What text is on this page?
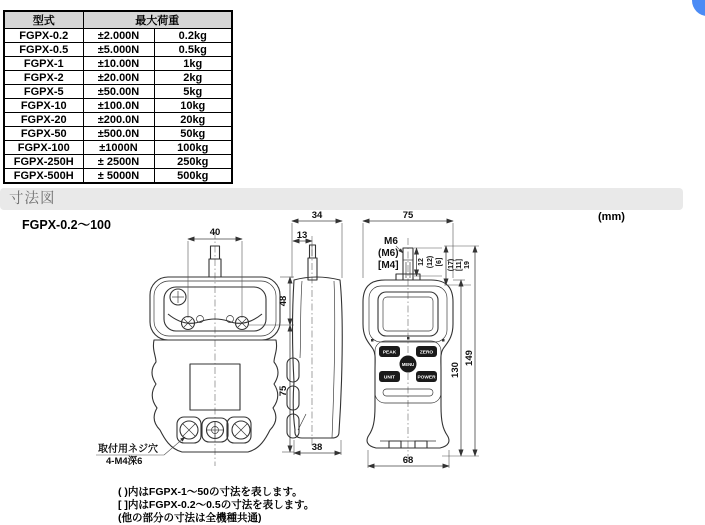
型式	最大荷重	
FGPX-0.2	±2.000N	0.2kg
FGPX-0.5	±5.000N	0.5kg
FGPX-1	±10.00N	1kg
FGPX-2	±20.00N	2kg
FGPX-5	±50.00N	5kg
FGPX-10	±100.0N	10kg
FGPX-20	±200.0N	20kg
FGPX-50	±500.0N	50kg
FGPX-100	±1000N	100kg
FGPX-250H	± 2500N	250kg
FGPX-500H	± 5000N	500kg
寸法図
FGPX-0.2～100
(mm)
40
48
75
34
13
38
PEAK	ZERO
MENU
UNIT	POWER
M6
(M6)
[M4]
75
12 (12) [6] (17) [11] 19
130
149
68
取付用ネジ穴
4-M4深6
( )内はFGPX-1～50の寸法を表します。
[ ]内はFGPX-0.2～0.5の寸法を表します。
(他の部分の寸法は全機種共通)
